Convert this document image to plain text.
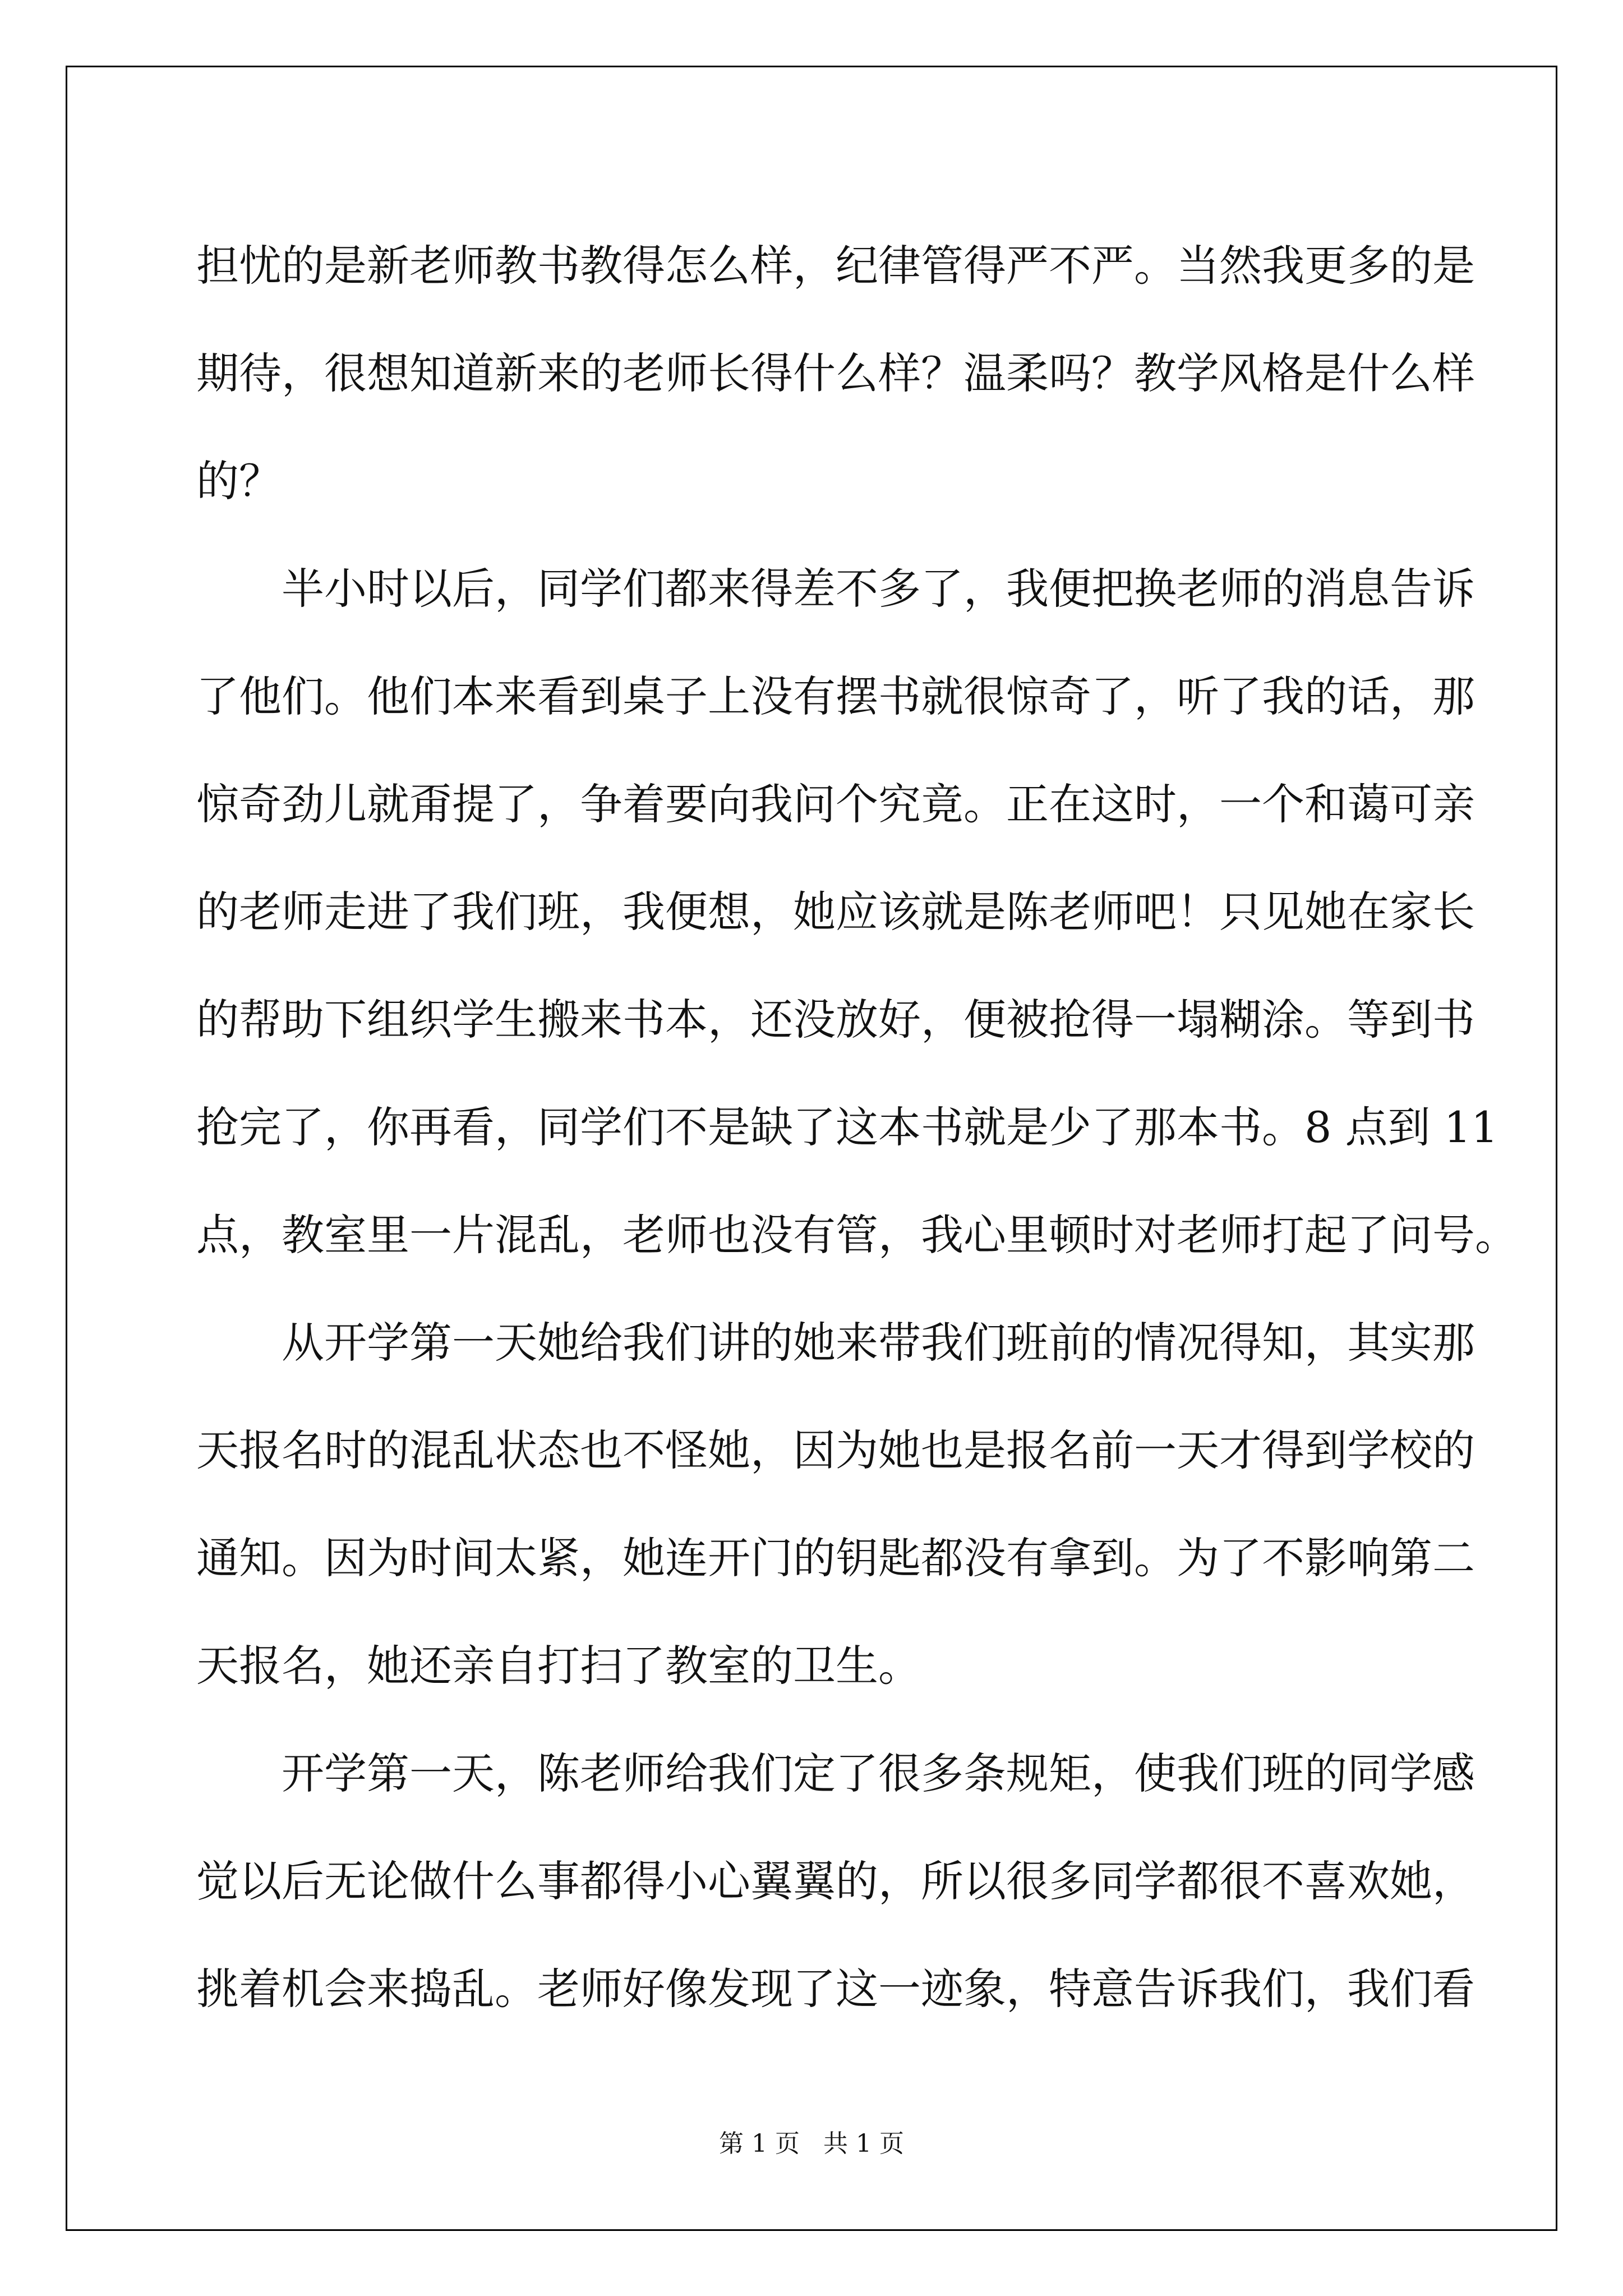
担忧的是新老师教书教得怎么样，纪律管得严不严。当然我更多的是
期待，很想知道新来的老师长得什么样？温柔吗？教学风格是什么样
的？
半小时以后，同学们都来得差不多了，我便把换老师的消息告诉
了他们。他们本来看到桌子上没有摆书就很惊奇了，听了我的话，那
惊奇劲儿就甭提了，争着要向我问个究竟。正在这时，一个和蔼可亲
的老师走进了我们班，我便想，她应该就是陈老师吧！只见她在家长
的帮助下组织学生搬来书本，还没放好，便被抢得一塌糊涂。等到书
抢完了，你再看，同学们不是缺了这本书就是少了那本书。8 点到 11
点，教室里一片混乱，老师也没有管，我心里顿时对老师打起了问号。
从开学第一天她给我们讲的她来带我们班前的情况得知，其实那
天报名时的混乱状态也不怪她，因为她也是报名前一天才得到学校的
通知。因为时间太紧，她连开门的钥匙都没有拿到。为了不影响第二
天报名，她还亲自打扫了教室的卫生。
开学第一天，陈老师给我们定了很多条规矩，使我们班的同学感
觉以后无论做什么事都得小心翼翼的，所以很多同学都很不喜欢她，
挑着机会来捣乱。老师好像发现了这一迹象，特意告诉我们，我们看
第 1 页 共 1 页
